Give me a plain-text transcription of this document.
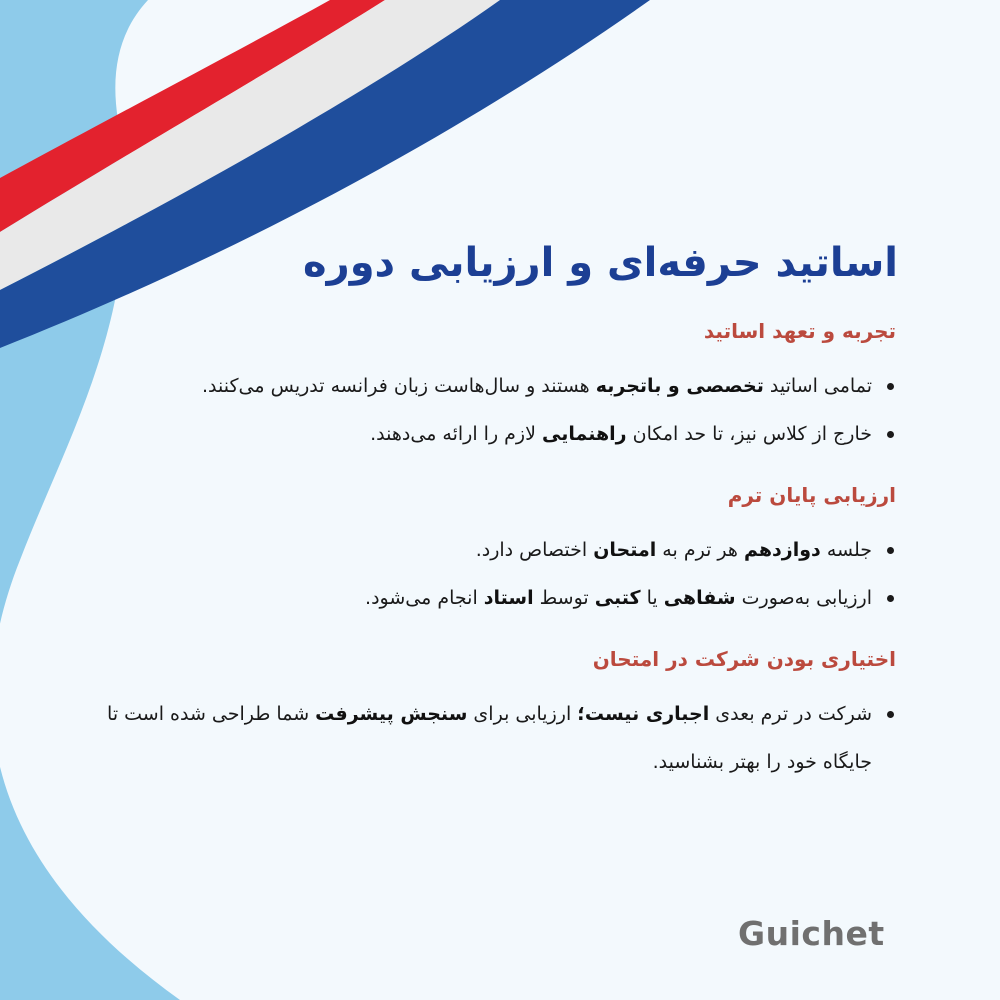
اساتید حرفه‌ای و ارزیابی دوره
تجربه و تعهد اساتید
تمامی اساتید تخصصی و باتجربه هستند و سال‌هاست زبان فرانسه تدریس می‌کنند.
خارج از کلاس نیز، تا حد امکان راهنمایی لازم را ارائه می‌دهند.
ارزیابی پایان ترم
جلسه دوازدهم هر ترم به امتحان اختصاص دارد.
ارزیابی به‌صورت شفاهی یا کتبی توسط استاد انجام می‌شود.
اختیاری بودن شرکت در امتحان
شرکت در ترم بعدی اجباری نیست؛ ارزیابی برای سنجش پیشرفت شما طراحی شده است تا جایگاه خود را بهتر بشناسید.
Guichet
